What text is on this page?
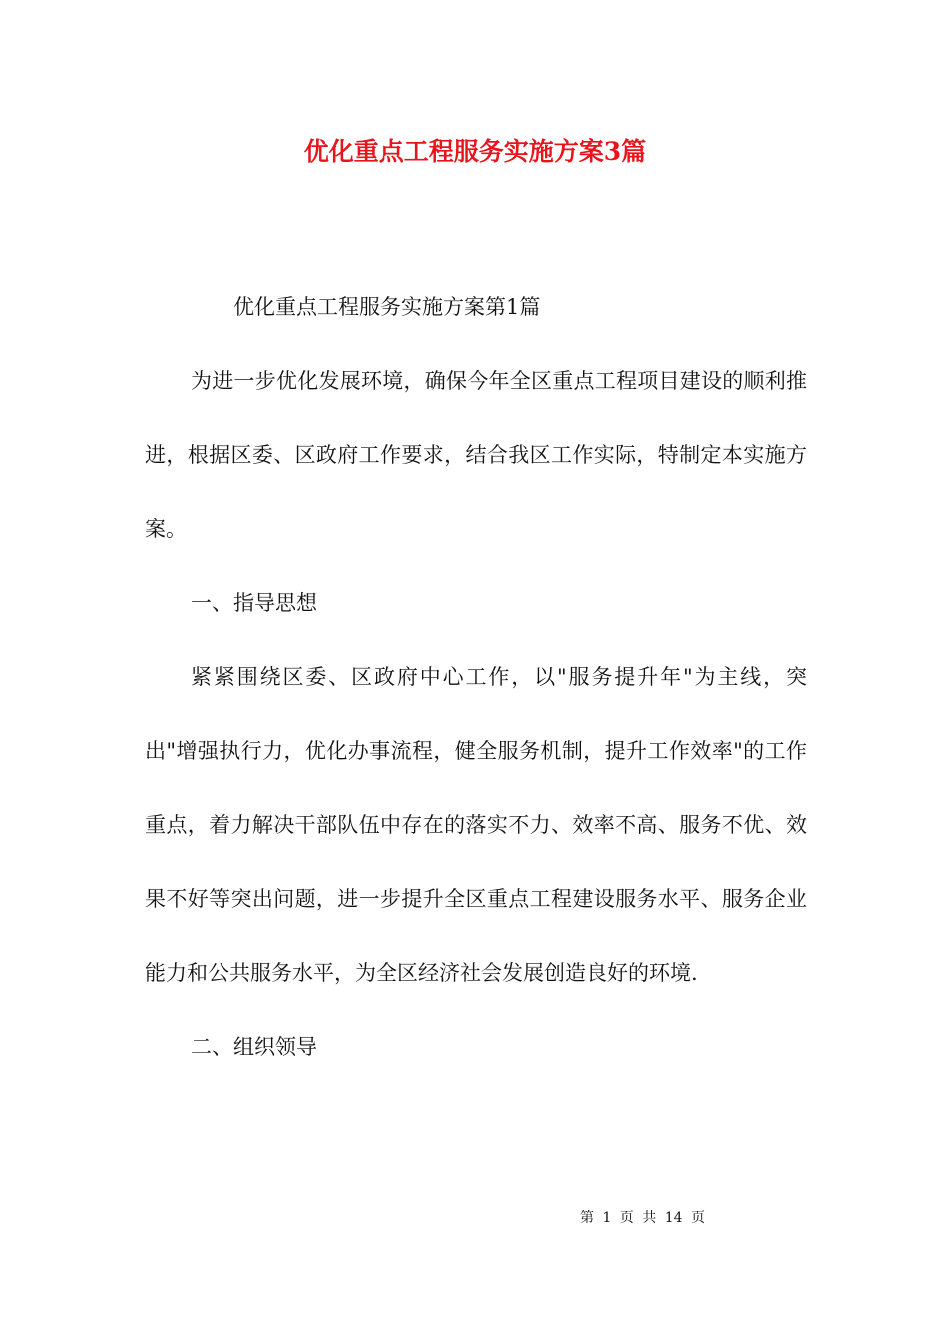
优化重点工程服务实施方案3篇

优化重点工程服务实施方案第1篇

为进一步优化发展环境，确保今年全区重点工程项目建设的顺利推进，根据区委、区政府工作要求，结合我区工作实际，特制定本实施方案。

一、指导思想

紧紧围绕区委、区政府中心工作，以"服务提升年"为主线，突出"增强执行力，优化办事流程，健全服务机制，提升工作效率"的工作重点，着力解决干部队伍中存在的落实不力、效率不高、服务不优、效果不好等突出问题，进一步提升全区重点工程建设服务水平、服务企业能力和公共服务水平，为全区经济社会发展创造良好的环境.

二、组织领导

第 1 页 共 14 页
